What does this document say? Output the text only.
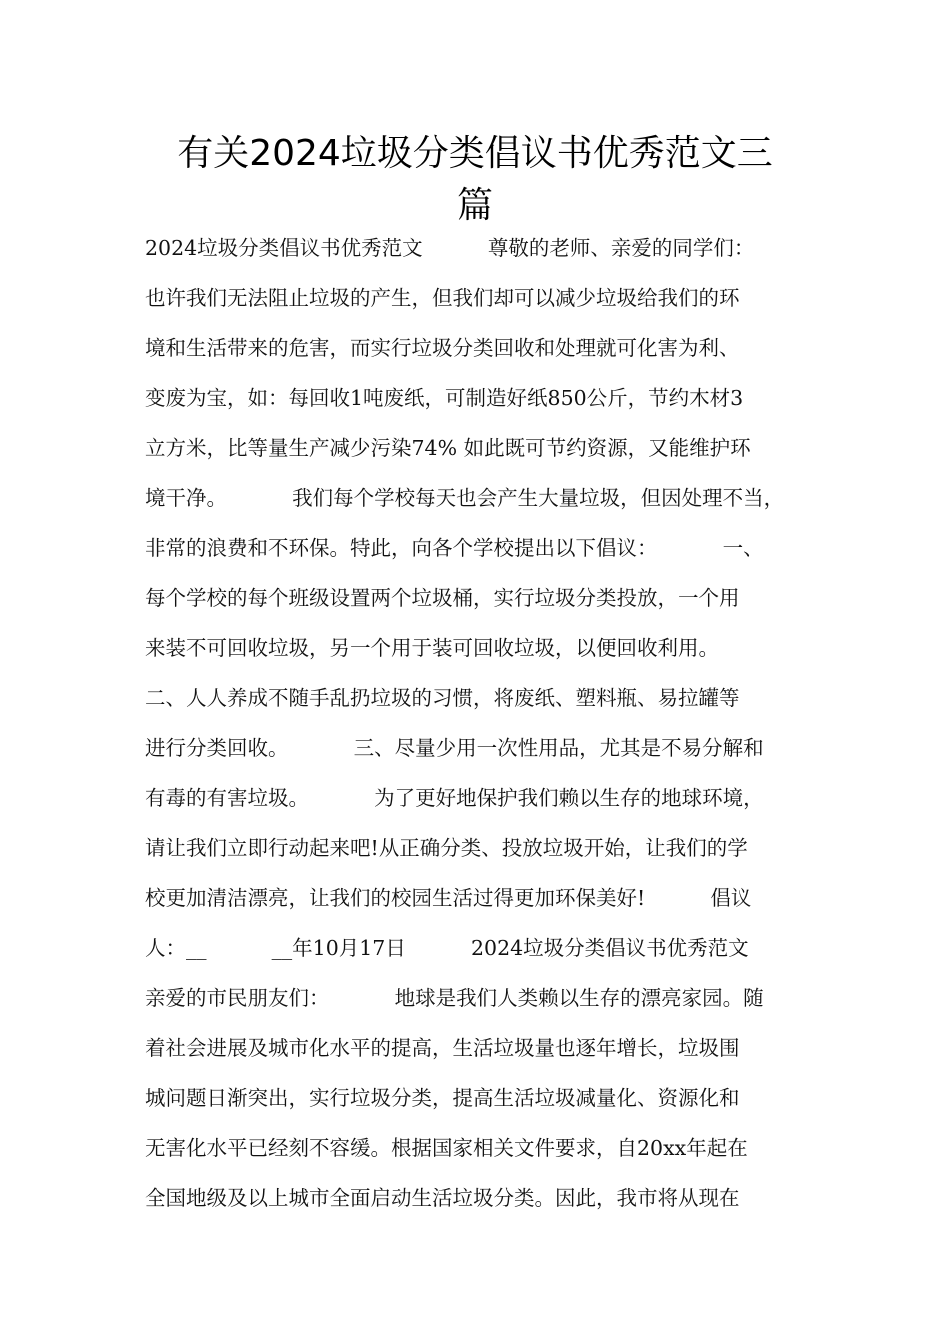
有关2024垃圾分类倡议书优秀范文三
篇

2024垃圾分类倡议书优秀范文          尊敬的老师、亲爱的同学们：

也许我们无法阻止垃圾的产生，但我们却可以减少垃圾给我们的环

境和生活带来的危害，而实行垃圾分类回收和处理就可化害为利、

变废为宝，如：每回收1吨废纸，可制造好纸850公斤，节约木材3

立方米，比等量生产减少污染74% 如此既可节约资源，又能维护环

境干净。          我们每个学校每天也会产生大量垃圾，但因处理不当，

非常的浪费和不环保。特此，向各个学校提出以下倡议：          一、

每个学校的每个班级设置两个垃圾桶，实行垃圾分类投放，一个用

来装不可回收垃圾，另一个用于装可回收垃圾，以便回收利用。

二、人人养成不随手乱扔垃圾的习惯，将废纸、塑料瓶、易拉罐等

进行分类回收。          三、尽量少用一次性用品，尤其是不易分解和

有毒的有害垃圾。          为了更好地保护我们赖以生存的地球环境，

请让我们立即行动起来吧!从正确分类、投放垃圾开始，让我们的学

校更加清洁漂亮，让我们的校园生活过得更加环保美好!          倡议

人：__          __年10月17日          2024垃圾分类倡议书优秀范文

亲爱的市民朋友们：          地球是我们人类赖以生存的漂亮家园。随

着社会进展及城市化水平的提高，生活垃圾量也逐年增长，垃圾围

城问题日渐突出，实行垃圾分类，提高生活垃圾减量化、资源化和

无害化水平已经刻不容缓。根据国家相关文件要求，自20xx年起在

全国地级及以上城市全面启动生活垃圾分类。因此，我市将从现在
